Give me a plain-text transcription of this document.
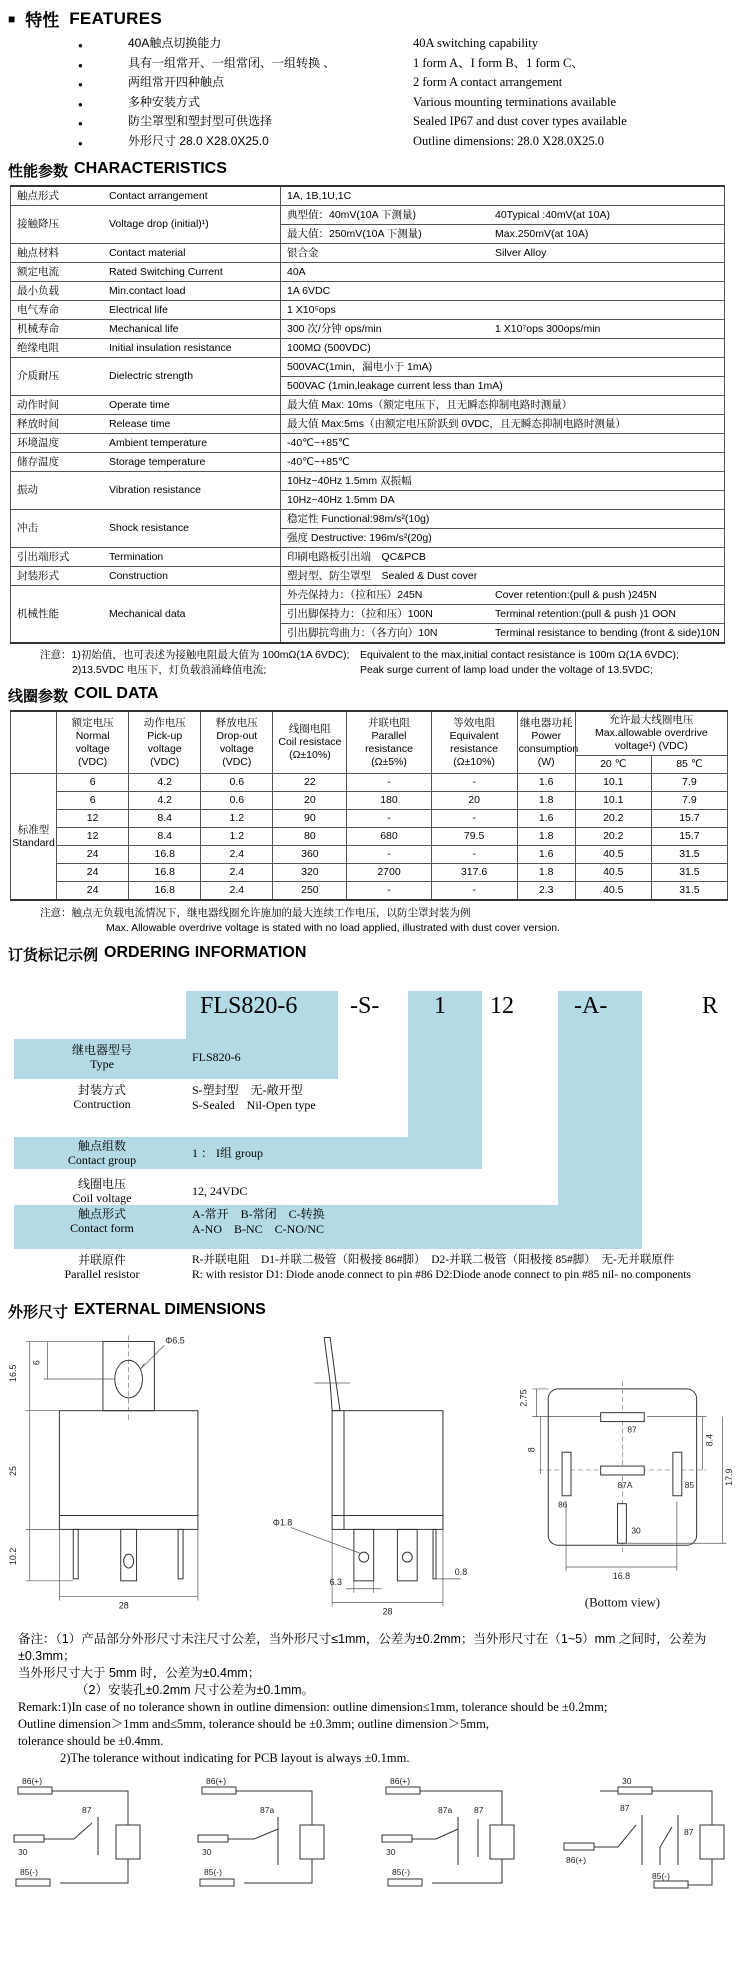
■ 特性 FEATURES
●	40A触点切换能力	40A switching capability
●	具有一组常开、一组常闭、一组转换 、	1 form A、I form B、1 form C、
●	两组常开四种触点	2 form A contact arrangement
●	多种安装方式	Various mounting terminations available
●	防尘罩型和塑封型可供选择	Sealed IP67 and dust cover types available
●	外形尺寸 28.0 X28.0X25.0	Outline dimensions: 28.0 X28.0X25.0
性能参数 CHARACTERISTICS
触点形式 Contact arrangement	1A, 1B,1U,1C
接触降压 Voltage drop (initial)¹)	典型值：40mV(10A 下测量) 40Typical :40mV(at 10A)
	最大值：250mV(10A 下测量) Max.250mV(at 10A)
触点材料 Contact material	银合金 Silver Alloy
额定电流 Rated Switching Current	40A
最小负载 Min.contact load	1A 6VDC
电气寿命 Electrical life	1 X10⁵ops
机械寿命 Mechanical life	300 次/分钟 ops/min 1 X10⁷ops 300ops/min
绝缘电阻 Initial insulation resistance	100MΩ (500VDC)
介质耐压 Dielectric strength	500VAC(1min，漏电小于 1mA)
	500VAC (1min,leakage current less than 1mA)
动作时间 Operate time	最大值 Max: 10ms（额定电压下，且无瞬态抑制电路时测量）
释放时间 Release time	最大值 Max:5ms（由额定电压阶跃到 0VDC，且无瞬态抑制电路时测量）
环境温度 Ambient temperature	-40℃~+85℃
储存温度 Storage temperature	-40℃~+85℃
振动 Vibration resistance	10Hz~40Hz 1.5mm 双振幅
	10Hz~40Hz 1.5mm DA
冲击 Shock resistance	稳定性 Functional:98m/s²(10g)
	强度 Destructive: 196m/s²(20g)
引出端形式 Termination	印刷电路板引出端　QC&PCB
封装形式 Construction	塑封型、防尘罩型　Sealed & Dust cover
机械性能 Mechanical data	外壳保持力：（拉和压）245N Cover retention:(pull & push )245N
	引出脚保持力：（拉和压）100N Terminal retention:(pull & push )1 OON
	引出脚抗弯曲力：（各方向）10N Terminal resistance to bending (front & side)10N
注意：1)初始值，也可表述为接触电阻最大值为 100mΩ(1A 6VDC);	Equivalent to the max,initial contact resistance is 100m Ω(1A 6VDC);
2)13.5VDC 电压下，灯负载浪涌峰值电流;	Peak surge current of lamp load under the voltage of 13.5VDC;
线圈参数 COIL DATA

	额定电压
Normal voltage
(VDC)	动作电压
Pick-up voltage
(VDC)	释放电压
Drop-out voltage
(VDC)	线圈电阻
Coil resistace
(Ω±10%)	并联电阻
Parallel resistance
(Ω±5%)	等效电阻
Equivalent resistance
(Ω±10%)	继电器功耗
Power consumption
(W)	允许最大线圈电压
Max.allowable overdrive voltage¹) (VDC)	

								20 ℃	85 ℃

标准型
Standard	6	4.2	0.6	22	-	-	1.6	10.1	7.9
	6	4.2	0.6	20	180	20	1.8	10.1	7.9
	12	8.4	1.2	90	-	-	1.6	20.2	15.7
	12	8.4	1.2	80	680	79.5	1.8	20.2	15.7
	24	16.8	2.4	360	-	-	1.6	40.5	31.5
	24	16.8	2.4	320	2700	317.6	1.8	40.5	31.5
	24	16.8	2.4	250	-	-	2.3	40.5	31.5
注意：触点无负载电流情况下，继电器线圈允许施加的最大连续工作电压，以防尘罩封装为例
Max. Allowable overdrive voltage is stated with no load applied, illustrated with dust cover version.
订货标记示例 ORDERING INFORMATION
FLS820-6 -S- 1 12	-A-	R
继电器型号
Type	FLS820-6
封装方式
Contruction
S-塑封型　无-敞开型
S-Sealed　Nil-Open type
触点组数
Contact group	1 ： I组 group
线圈电压
Coil voltage	12, 24VDC
触点形式
Contact form
A-常开　B-常闭　C-转换
A-NO　B-NC　C-NO/NC
并联原件
Parallel resistor
R-并联电阻　D1-并联二极管（阳极接 86#脚）　D2-并联二极管（阳极接 85#脚）　无-无并联原件
R: with resistor D1: Diode anode connect to pin #86 D2:Diode anode connect to pin #85 nil- no components
外形尺寸 EXTERNAL DIMENSIONS
Φ6.5
16.5
6
25
10.2
28
Φ1.8
6.3
28
0.8
87
86
87A	85
30
2.75
8
8.4
17.9
16.8
(Bottom view)
备注：（1）产品部分外形尺寸未注尺寸公差，当外形尺寸≤1mm，公差为±0.2mm；当外形尺寸在（1~5）mm 之间时，公差为±0.3mm；
当外形尺寸大于 5mm 时，公差为±0.4mm；
（2）安装孔±0.2mm 尺寸公差为±0.1mm。
Remark:1)In case of no tolerance shown in outline dimension: outline dimension≤1mm, tolerance should be ±0.2mm;
Outline dimension＞1mm and≤5mm, tolerance should be ±0.3mm; outline dimension＞5mm,
tolerance should be ±0.4mm.
2)The tolerance without indicating for PCB layout is always ±0.1mm.
86(+)
85(-)
30
87
86(+)
85(-)
30
87a
86(+)
85(-)
30
87a	87
30
85(-)
86(+)
87
87
